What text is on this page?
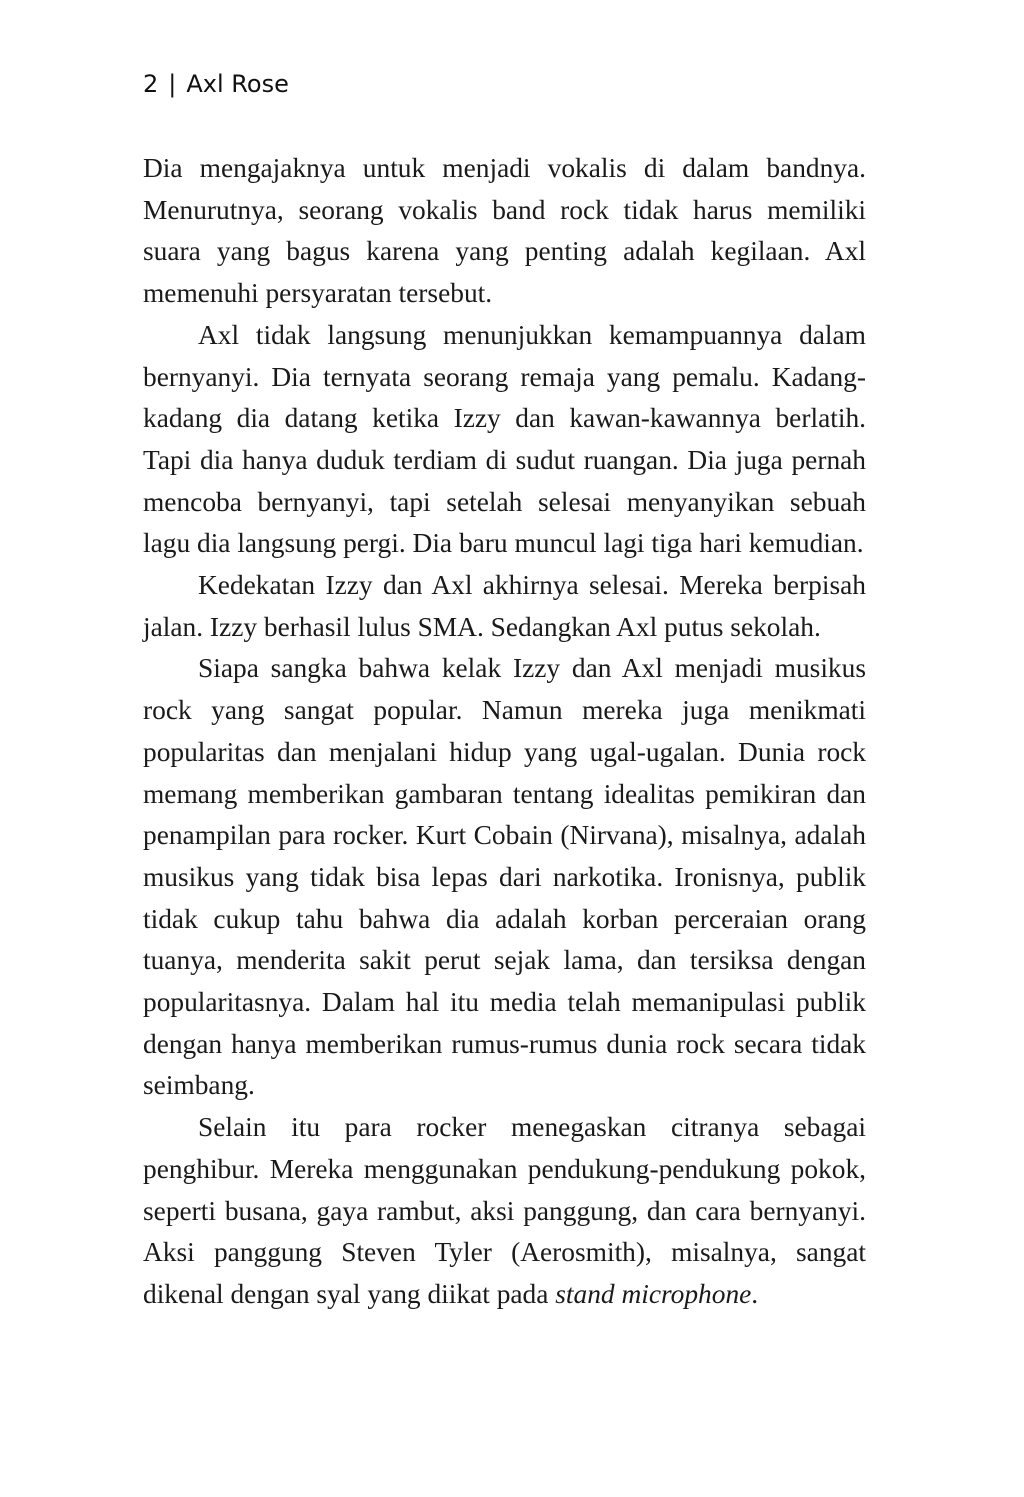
2 | Axl Rose

Dia mengajaknya untuk menjadi vokalis di dalam bandnya. Menurutnya, seorang vokalis band rock tidak harus memiliki suara yang bagus karena yang penting adalah kegilaan. Axl memenuhi persyaratan tersebut.

Axl tidak langsung menunjukkan kemampuannya dalam bernyanyi. Dia ternyata seorang remaja yang pemalu. Kadang-kadang dia datang ketika Izzy dan kawan-kawannya berlatih. Tapi dia hanya duduk terdiam di sudut ruangan. Dia juga pernah mencoba bernyanyi, tapi setelah selesai menyanyikan sebuah lagu dia langsung pergi. Dia baru muncul lagi tiga hari kemudian.

Kedekatan Izzy dan Axl akhirnya selesai. Mereka berpisah jalan. Izzy berhasil lulus SMA. Sedangkan Axl putus sekolah.

Siapa sangka bahwa kelak Izzy dan Axl menjadi musikus rock yang sangat popular. Namun mereka juga menikmati popularitas dan menjalani hidup yang ugal-ugalan. Dunia rock memang memberikan gambaran tentang idealitas pemikiran dan penampilan para rocker. Kurt Cobain (Nirvana), misalnya, adalah musikus yang tidak bisa lepas dari narkotika. Ironisnya, publik tidak cukup tahu bahwa dia adalah korban perceraian orang tuanya, menderita sakit perut sejak lama, dan tersiksa dengan popularitasnya. Dalam hal itu media telah memanipulasi publik dengan hanya memberikan rumus-rumus dunia rock secara tidak seimbang.

Selain itu para rocker menegaskan citranya sebagai penghibur. Mereka menggunakan pendukung-pendukung pokok, seperti busana, gaya rambut, aksi panggung, dan cara bernyanyi. Aksi panggung Steven Tyler (Aerosmith), misalnya, sangat dikenal dengan syal yang diikat pada stand microphone.
